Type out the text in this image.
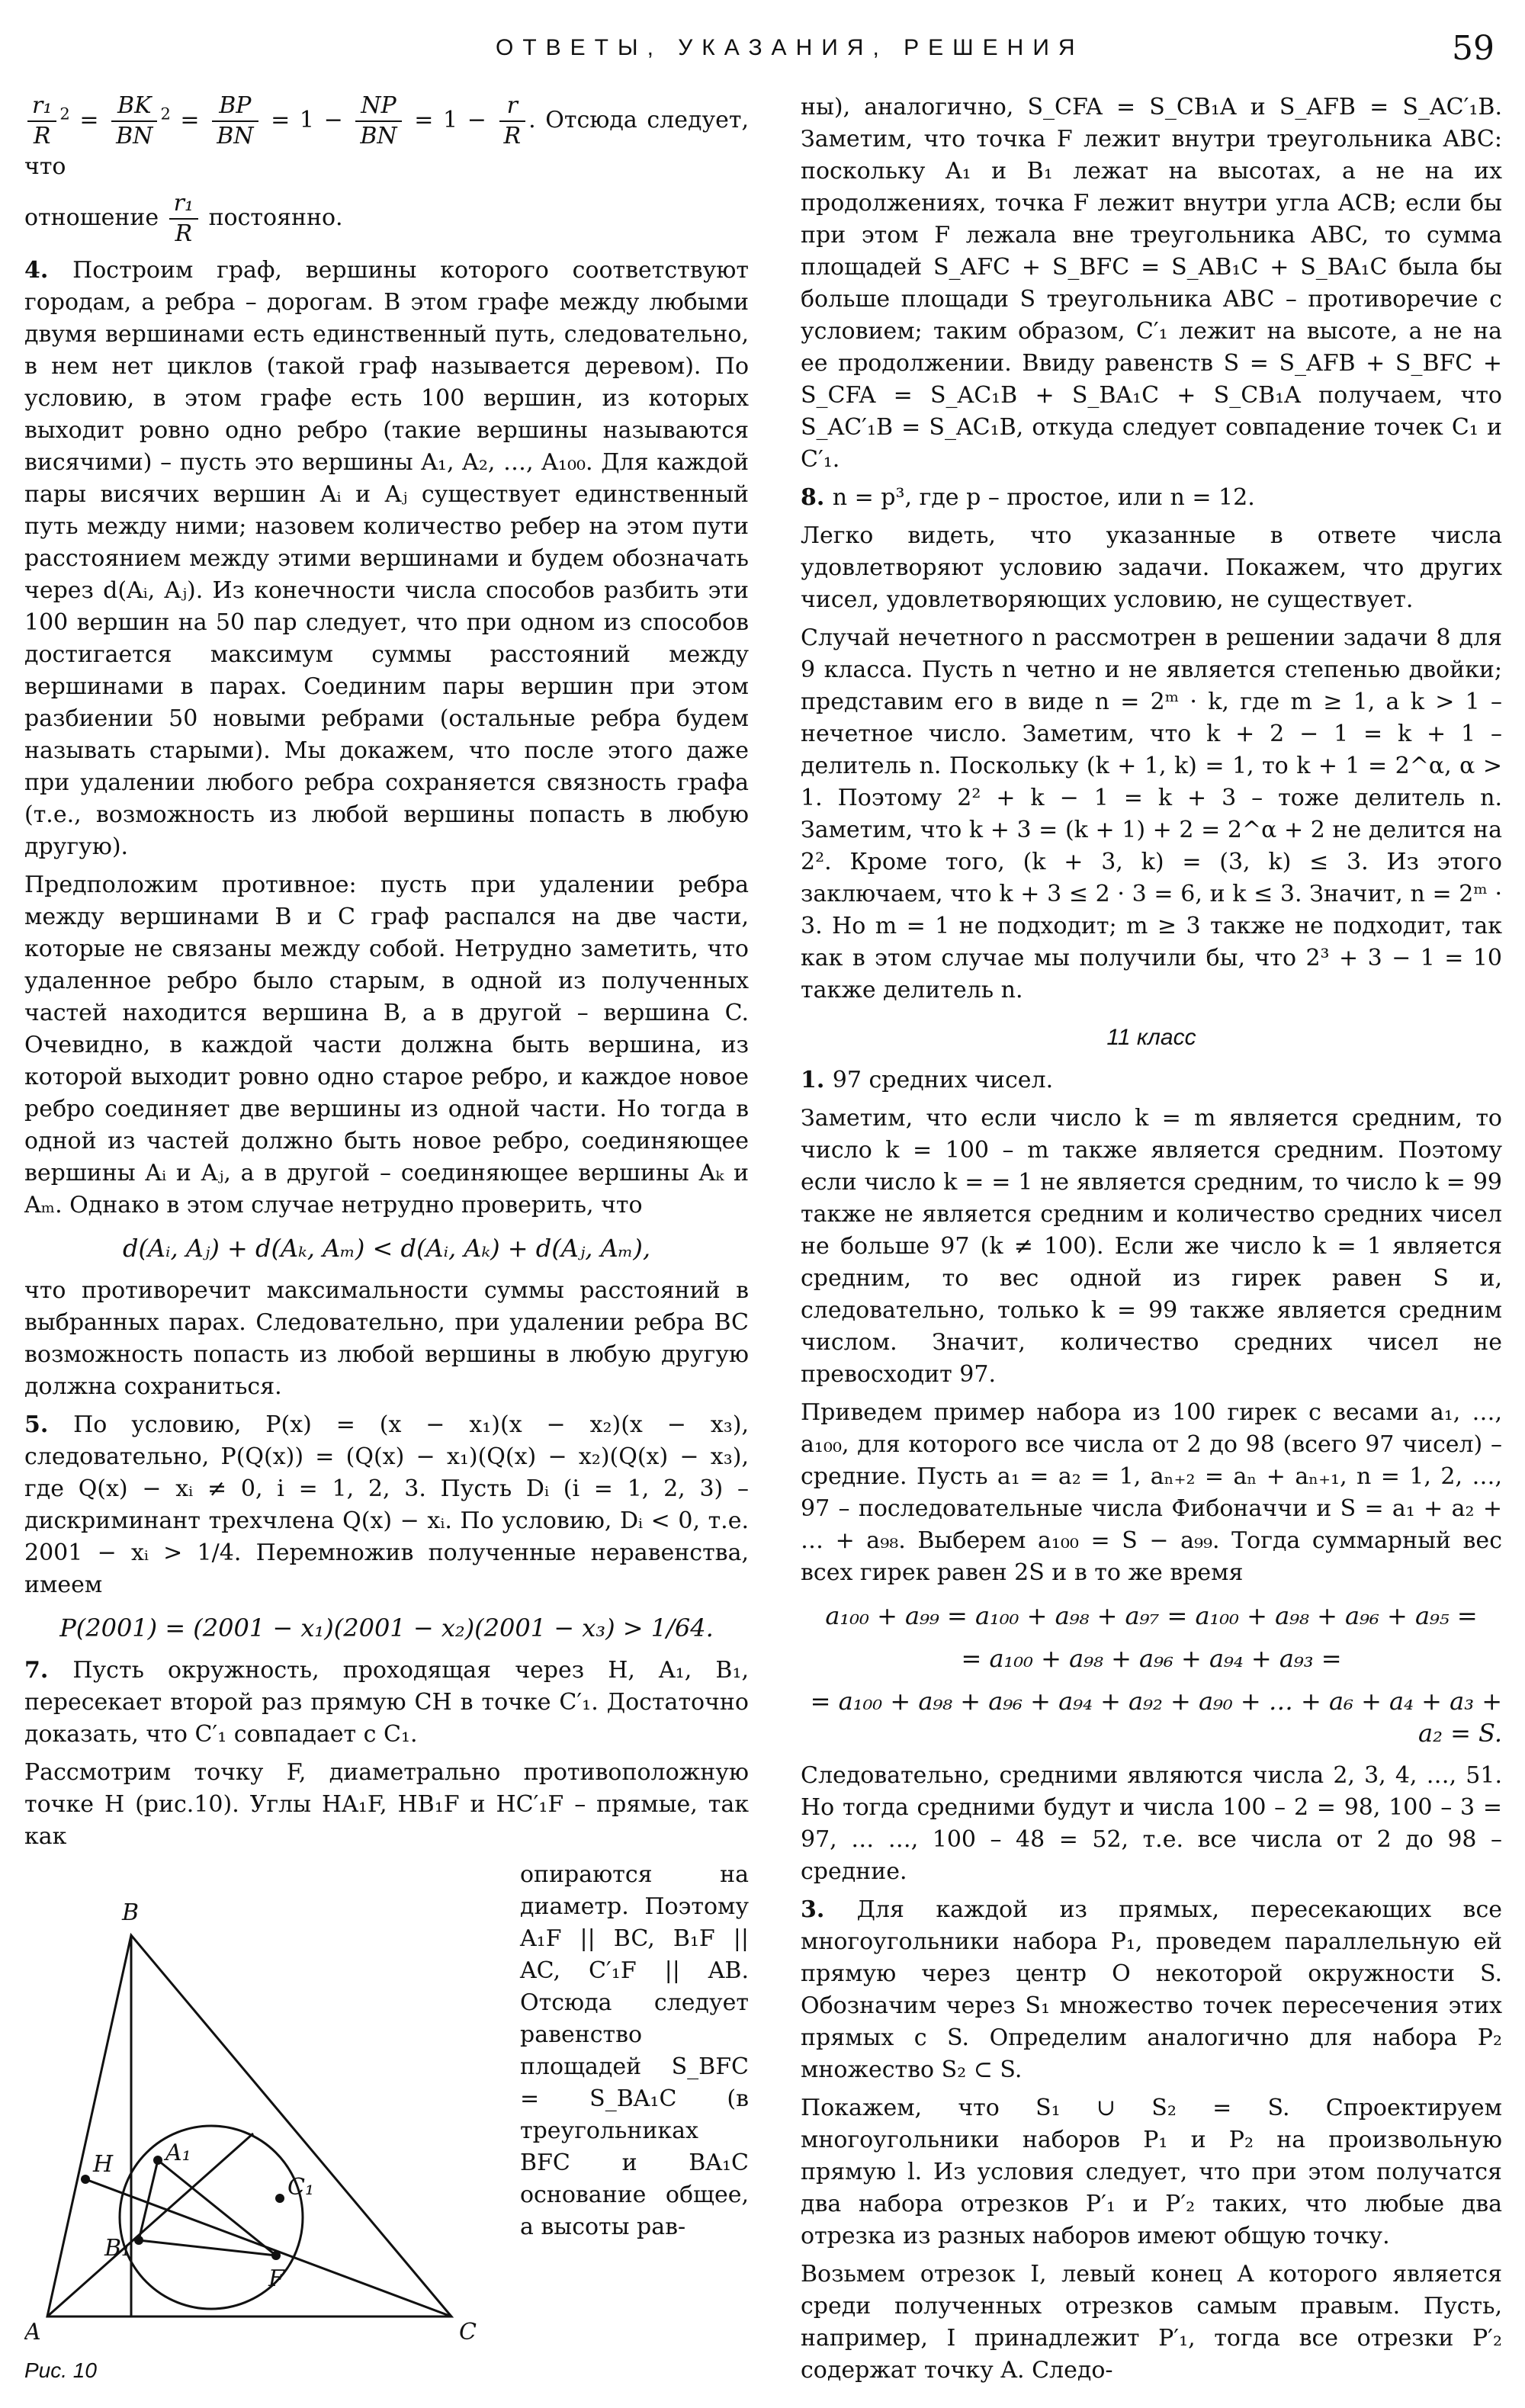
ОТВЕТЫ, УКАЗАНИЯ, РЕШЕНИЯ	59

$\frac{\text{r₁}}{R} ^2 = \frac{BK}{BN} ^2 = \frac{BP}{BN} = 1 - \frac{NP}{BN} = 1 - \frac{r}{R}$ . Отсюда следует, что

отношение $\frac{\text{r₁}}{R}$ постоянно.

4. Построим граф, вершины которого соответствуют городам, а ребра – дорогам. В этом графе между любыми двумя вершинами есть единственный путь, следовательно, в нем нет циклов (такой граф называется деревом). По условию, в этом графе есть 100 вершин, из которых выходит ровно одно ребро (такие вершины называются висячими) – пусть это вершины A₁, A₂, …, A₁₀₀. Для каждой пары висячих вершин Aᵢ и Aⱼ существует единственный путь между ними; назовем количество ребер на этом пути расстоянием между этими вершинами и будем обозначать через d(Aᵢ, Aⱼ). Из конечности числа способов разбить эти 100 вершин на 50 пар следует, что при одном из способов достигается максимум суммы расстояний между вершинами в парах. Соединим пары вершин при этом разбиении 50 новыми ребрами (остальные ребра будем называть старыми). Мы докажем, что после этого даже при удалении любого ребра сохраняется связность графа (т.е., возможность из любой вершины попасть в любую другую).

Предположим противное: пусть при удалении ребра между вершинами B и C граф распался на две части, которые не связаны между собой. Нетрудно заметить, что удаленное ребро было старым, в одной из полученных частей находится вершина B, а в другой – вершина C. Очевидно, в каждой части должна быть вершина, из которой выходит ровно одно старое ребро, и каждое новое ребро соединяет две вершины из одной части. Но тогда в одной из частей должно быть новое ребро, соединяющее вершины Aᵢ и Aⱼ, а в другой – соединяющее вершины Aₖ и Aₘ. Однако в этом случае нетрудно проверить, что

d(Aᵢ, Aⱼ) + d(Aₖ, Aₘ) < d(Aᵢ, Aₖ) + d(Aⱼ, Aₘ),

что противоречит максимальности суммы расстояний в выбранных парах. Следовательно, при удалении ребра BC возможность попасть из любой вершины в любую другую должна сохраниться.

5. По условию, P(x) = (x − x₁)(x − x₂)(x − x₃), следовательно, P(Q(x)) = (Q(x) − x₁)(Q(x) − x₂)(Q(x) − x₃), где Q(x) − xᵢ ≠ 0, i = 1, 2, 3. Пусть Dᵢ (i = 1, 2, 3) – дискриминант трехчлена Q(x) − xᵢ. По условию, Dᵢ < 0, т.е. 2001 − xᵢ > 1/4. Перемножив полученные неравенства, имеем

P(2001) = (2001 − x₁)(2001 − x₂)(2001 − x₃) > 1/64.

7. Пусть окружность, проходящая через H, A₁, B₁, пересекает второй раз прямую CH в точке C′₁. Достаточно доказать, что C′₁ совпадает с C₁.

Рассмотрим точку F, диаметрально противоположную точке H (рис.10). Углы HA₁F, HB₁F и HC′₁F – прямые, так как

A
B
C
H A₁
B₁
C₁
F
Рис. 10

опираются на диаметр. Поэтому A₁F || BC, B₁F || AC, C′₁F || AB. Отсюда следует равенство площадей S_BFC = S_BA₁C (в треугольниках BFC и BA₁C основание общее, а высоты рав-

ны), аналогично, S_CFA = S_CB₁A и S_AFB = S_AC′₁B. Заметим, что точка F лежит внутри треугольника ABC: поскольку A₁ и B₁ лежат на высотах, а не на их продолжениях, точка F лежит внутри угла ACB; если бы при этом F лежала вне треугольника ABC, то сумма площадей S_AFC + S_BFC = S_AB₁C + S_BA₁C была бы больше площади S треугольника ABC – противоречие с условием; таким образом, C′₁ лежит на высоте, а не на ее продолжении. Ввиду равенств S = S_AFB + S_BFC + S_CFA = S_AC₁B + S_BA₁C + S_CB₁A получаем, что S_AC′₁B = S_AC₁B, откуда следует совпадение точек C₁ и C′₁.

8. n = p³, где p – простое, или n = 12.

Легко видеть, что указанные в ответе числа удовлетворяют условию задачи. Покажем, что других чисел, удовлетворяющих условию, не существует.

Случай нечетного n рассмотрен в решении задачи 8 для 9 класса. Пусть n четно и не является степенью двойки; представим его в виде n = 2ᵐ · k, где m ≥ 1, а k > 1 – нечетное число. Заметим, что k + 2 − 1 = k + 1 – делитель n. Поскольку (k + 1, k) = 1, то k + 1 = 2^α, α > 1. Поэтому 2² + k − 1 = k + 3 – тоже делитель n. Заметим, что k + 3 = (k + 1) + 2 = 2^α + 2 не делится на 2². Кроме того, (k + 3, k) = (3, k) ≤ 3. Из этого заключаем, что k + 3 ≤ 2 · 3 = 6, и k ≤ 3. Значит, n = 2ᵐ · 3. Но m = 1 не подходит; m ≥ 3 также не подходит, так как в этом случае мы получили бы, что 2³ + 3 − 1 = 10 также делитель n.

11 класс

1. 97 средних чисел.

Заметим, что если число k = m является средним, то число k = 100 – m также является средним. Поэтому если число k = = 1 не является средним, то число k = 99 также не является средним и количество средних чисел не больше 97 (k ≠ 100). Если же число k = 1 является средним, то вес одной из гирек равен S и, следовательно, только k = 99 также является средним числом. Значит, количество средних чисел не превосходит 97.

Приведем пример набора из 100 гирек с весами a₁, …, a₁₀₀, для которого все числа от 2 до 98 (всего 97 чисел) – средние. Пусть a₁ = a₂ = 1, aₙ₊₂ = aₙ + aₙ₊₁, n = 1, 2, …, 97 – последовательные числа Фибоначчи и S = a₁ + a₂ + … + a₉₈. Выберем a₁₀₀ = S − a₉₉. Тогда суммарный вес всех гирек равен 2S и в то же время

a₁₀₀ + a₉₉ = a₁₀₀ + a₉₈ + a₉₇ = a₁₀₀ + a₉₈ + a₉₆ + a₉₅ =
= a₁₀₀ + a₉₈ + a₉₆ + a₉₄ + a₉₃ =
= a₁₀₀ + a₉₈ + a₉₆ + a₉₄ + a₉₂ + a₉₀ + … + a₆ + a₄ + a₃ + a₂ = S.

Следовательно, средними являются числа 2, 3, 4, …, 51. Но тогда средними будут и числа 100 – 2 = 98, 100 – 3 = 97, … …, 100 – 48 = 52, т.е. все числа от 2 до 98 – средние.

3. Для каждой из прямых, пересекающих все многоугольники набора P₁, проведем параллельную ей прямую через центр O некоторой окружности S. Обозначим через S₁ множество точек пересечения этих прямых с S. Определим аналогично для набора P₂ множество S₂ ⊂ S.

Покажем, что S₁ ∪ S₂ = S. Спроектируем многоугольники наборов P₁ и P₂ на произвольную прямую l. Из условия следует, что при этом получатся два набора отрезков P′₁ и P′₂ таких, что любые два отрезка из разных наборов имеют общую точку.

Возьмем отрезок I, левый конец A которого является среди полученных отрезков самым правым. Пусть, например, I принадлежит P′₁, тогда все отрезки P′₂ содержат точку A. Следо-
